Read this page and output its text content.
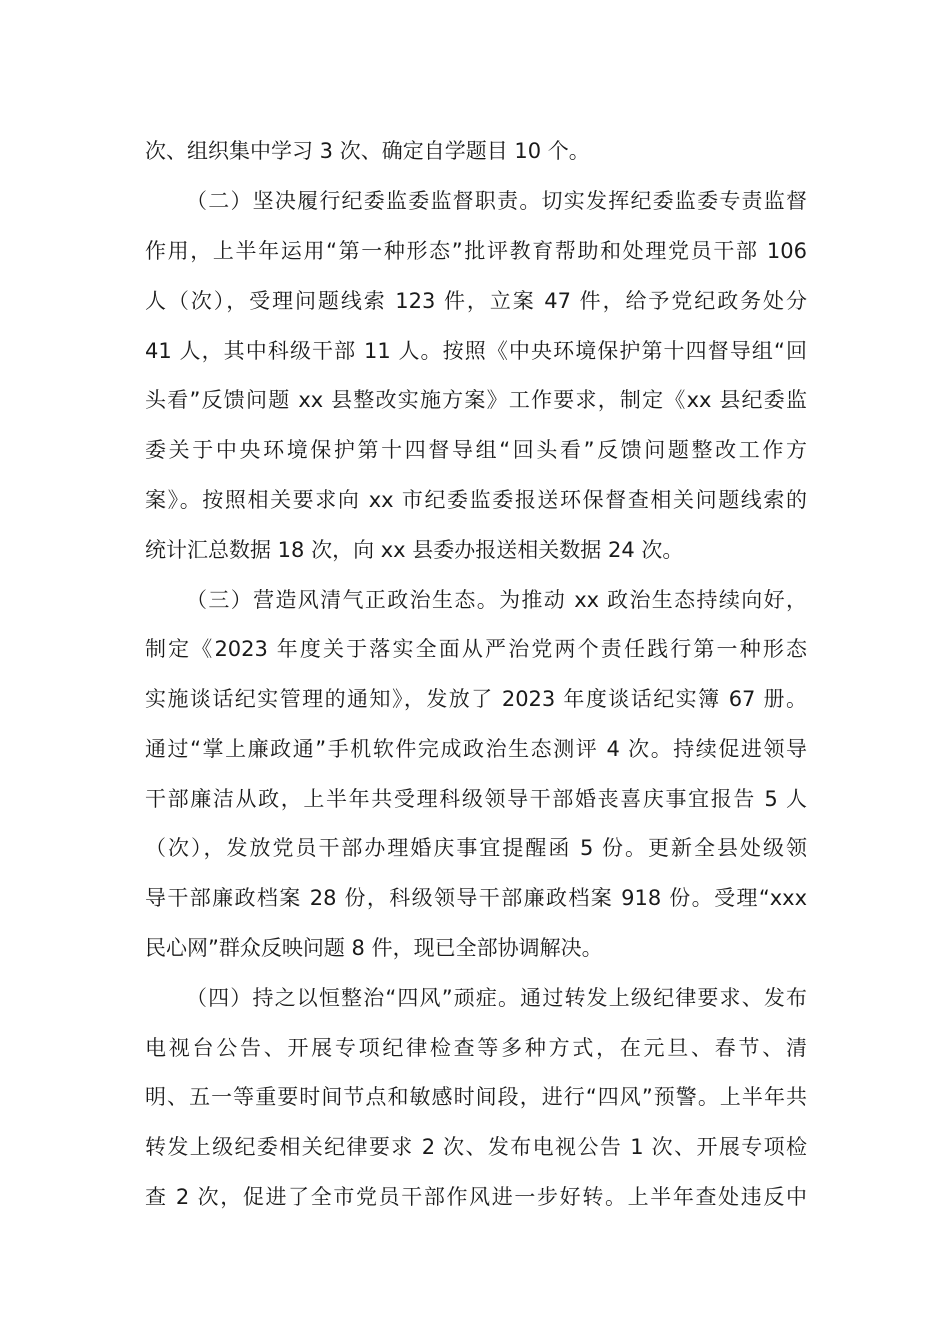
次、组织集中学习 3 次、确定自学题目 10 个。
（二）坚决履行纪委监委监督职责。切实发挥纪委监委专责监督
作用，上半年运用“第一种形态”批评教育帮助和处理党员干部 106
人（次），受理问题线索 123 件，立案 47 件，给予党纪政务处分
41 人，其中科级干部 11 人。按照《中央环境保护第十四督导组“回
头看”反馈问题 xx 县整改实施方案》工作要求，制定《xx 县纪委监
委关于中央环境保护第十四督导组“回头看”反馈问题整改工作方
案》。按照相关要求向 xx 市纪委监委报送环保督查相关问题线索的
统计汇总数据 18 次，向 xx 县委办报送相关数据 24 次。
（三）营造风清气正政治生态。为推动 xx 政治生态持续向好，
制定《2023 年度关于落实全面从严治党两个责任践行第一种形态
实施谈话纪实管理的通知》，发放了 2023 年度谈话纪实簿 67 册。
通过“掌上廉政通”手机软件完成政治生态测评 4 次。持续促进领导
干部廉洁从政，上半年共受理科级领导干部婚丧喜庆事宜报告 5 人
（次），发放党员干部办理婚庆事宜提醒函 5 份。更新全县处级领
导干部廉政档案 28 份，科级领导干部廉政档案 918 份。受理“xxx
民心网”群众反映问题 8 件，现已全部协调解决。
（四）持之以恒整治“四风”顽症。通过转发上级纪律要求、发布
电视台公告、开展专项纪律检查等多种方式，在元旦、春节、清
明、五一等重要时间节点和敏感时间段，进行“四风”预警。上半年共
转发上级纪委相关纪律要求 2 次、发布电视公告 1 次、开展专项检
查 2 次，促进了全市党员干部作风进一步好转。上半年查处违反中
